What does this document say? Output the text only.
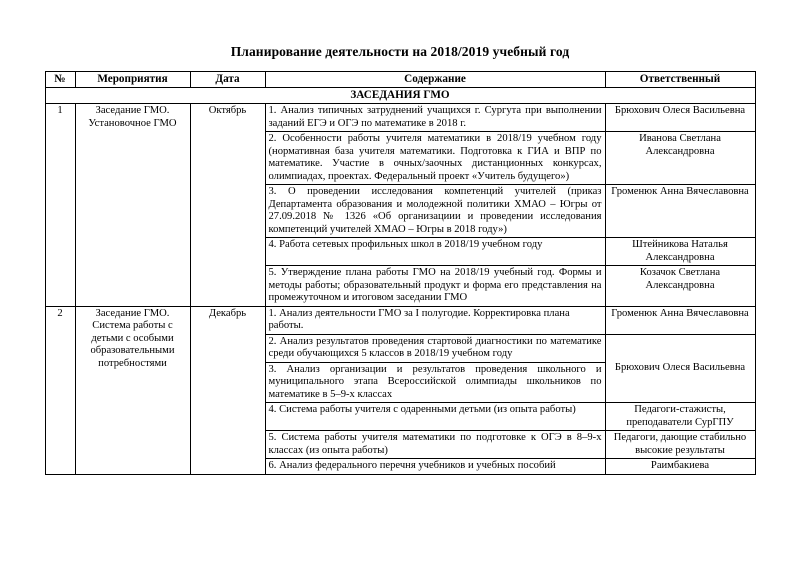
Планирование деятельности на 2018/2019 учебный год
№	Мероприятия	Дата	Содержание	Ответственный
ЗАСЕДАНИЯ ГМО				
1	Заседание ГМО. Установочное ГМО	Октябрь	1. Анализ типичных затруднений учащихся г. Сургута при выполнении заданий ЕГЭ и ОГЭ по математике в 2018 г.	Брюхович Олеся Васильевна
			2. Особенности работы учителя математики в 2018/19 учебном году (нормативная база учителя математики. Подготовка к ГИА и ВПР по математике. Участие в очных/заочных дистанционных конкурсах, олимпиадах, проектах. Федеральный проект «Учитель будущего»)	Иванова Светлана Александровна
			3. О проведении исследования компетенций учителей (приказ Департамента образования и молодежной политики ХМАО – Югры от 27.09.2018 № 1326 «Об организациии и проведении исследования компетенций учителей ХМАО – Югры в 2018 году»)	Громенюк Анна Вячеславовна
			4. Работа сетевых профильных школ в 2018/19 учебном году	Штейникова Наталья Александровна
			5. Утверждение плана работы ГМО на 2018/19 учебный год. Формы и методы работы; образовательный продукт и форма его представления на промежуточном и итоговом заседании ГМО	Козачок Светлана Александровна
2	Заседание ГМО. Система работы с детьми с особыми образовательными потребностями	Декабрь	1. Анализ деятельности ГМО за I полугодие. Корректировка плана работы.	Громенюк Анна Вячеславовна
			2. Анализ результатов проведения стартовой диагностики по математике среди обучающихся 5 классов в 2018/19 учебном году	Брюхович Олеся Васильевна
			3. Анализ организации и результатов проведения школьного и муниципального этапа Всероссийской олимпиады школьников по математике в 5–9-х классах	
			4. Система работы учителя с одаренными детьми (из опыта работы)	Педагоги-стажисты, преподаватели СурГПУ
			5. Система работы учителя математики по подготовке к ОГЭ в 8–9-х классах (из опыта работы)	Педагоги, дающие стабильно высокие результаты
			6. Анализ федерального перечня учебников и учебных пособий	Раимбакиева
